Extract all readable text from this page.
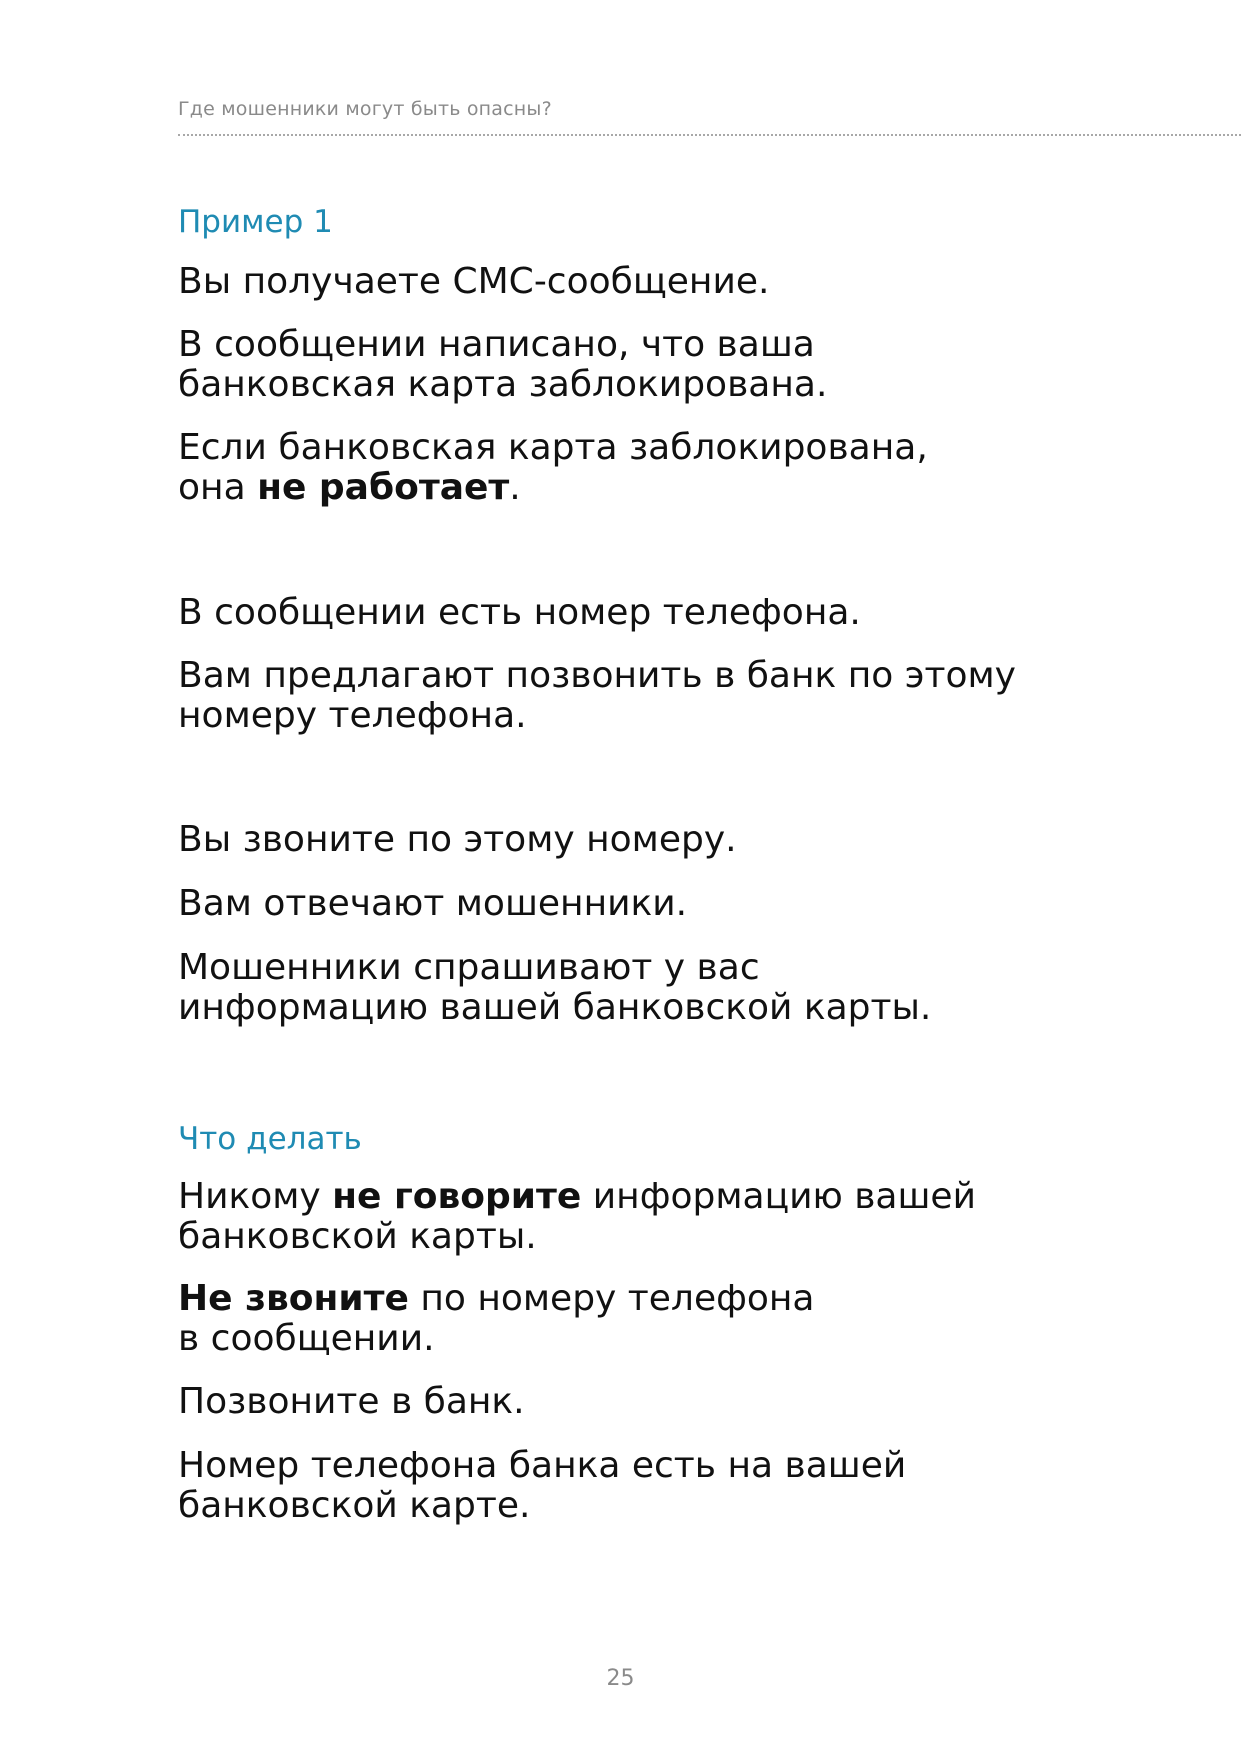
Где мошенники могут быть опасны?
Пример 1

Вы получаете СМС-сообщение.

В сообщении написано, что ваша
банковская карта заблокирована.

Если банковская карта заблокирована,
она не работает.

В сообщении есть номер телефона.

Вам предлагают позвонить в банк по этому
номеру телефона.

Вы звоните по этому номеру.

Вам отвечают мошенники.

Мошенники спрашивают у вас
информацию вашей банковской карты.

Что делать

Никому не говорите информацию вашей
банковской карты.

Не звоните по номеру телефона
в сообщении.

Позвоните в банк.

Номер телефона банка есть на вашей
банковской карте.

25
